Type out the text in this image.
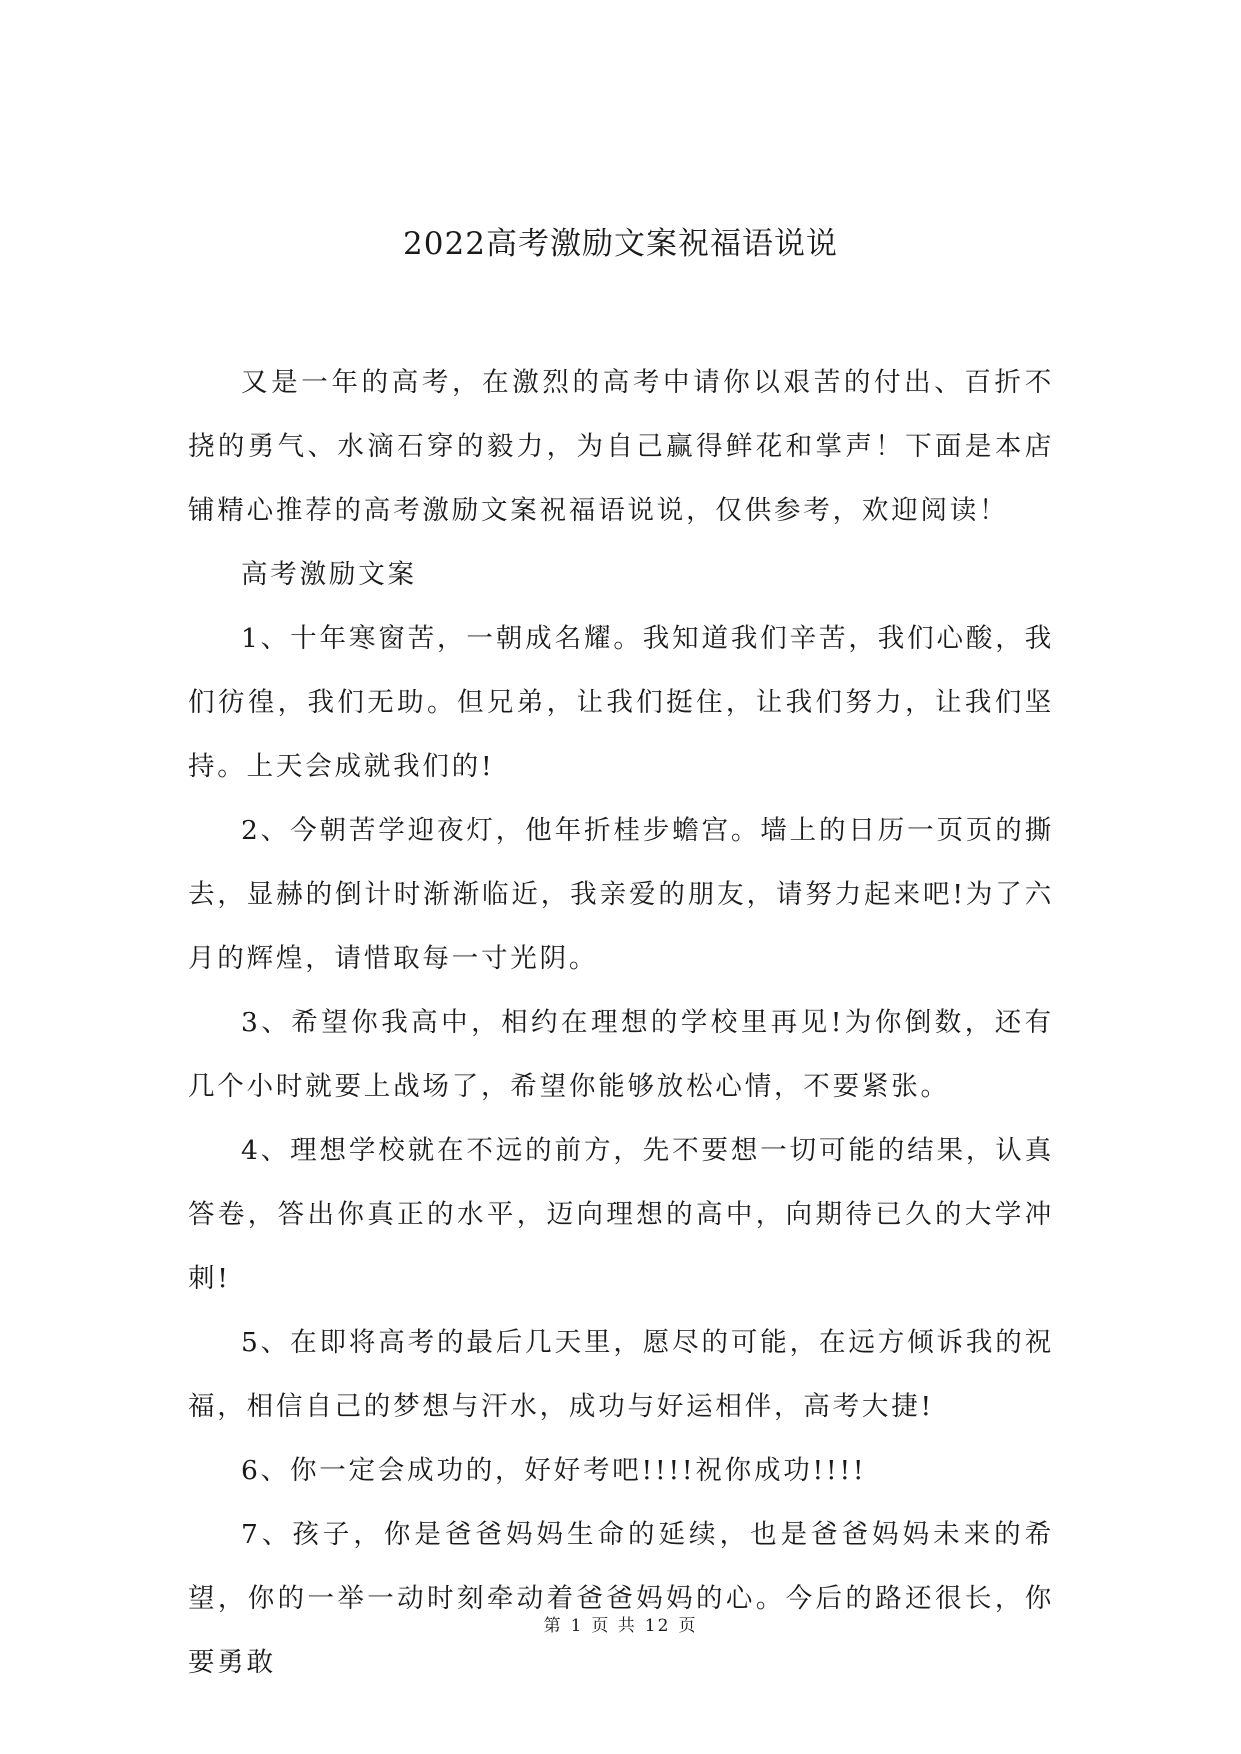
2022高考激励文案祝福语说说

又是一年的高考，在激烈的高考中请你以艰苦的付出、百折不挠的勇气、水滴石穿的毅力，为自己赢得鲜花和掌声！下面是本店铺精心推荐的高考激励文案祝福语说说，仅供参考，欢迎阅读！

高考激励文案

1、十年寒窗苦，一朝成名耀。我知道我们辛苦，我们心酸，我们彷徨，我们无助。但兄弟，让我们挺住，让我们努力，让我们坚持。上天会成就我们的!

2、今朝苦学迎夜灯，他年折桂步蟾宫。墙上的日历一页页的撕去，显赫的倒计时渐渐临近，我亲爱的朋友，请努力起来吧!为了六月的辉煌，请惜取每一寸光阴。

3、希望你我高中，相约在理想的学校里再见!为你倒数，还有几个小时就要上战场了，希望你能够放松心情，不要紧张。

4、理想学校就在不远的前方，先不要想一切可能的结果，认真答卷，答出你真正的水平，迈向理想的高中，向期待已久的大学冲刺!

5、在即将高考的最后几天里，愿尽的可能，在远方倾诉我的祝福，相信自己的梦想与汗水，成功与好运相伴，高考大捷!

6、你一定会成功的，好好考吧!!!!祝你成功!!!!

7、孩子，你是爸爸妈妈生命的延续，也是爸爸妈妈未来的希望，你的一举一动时刻牵动着爸爸妈妈的心。今后的路还很长，你要勇敢

第 1 页 共 12 页
